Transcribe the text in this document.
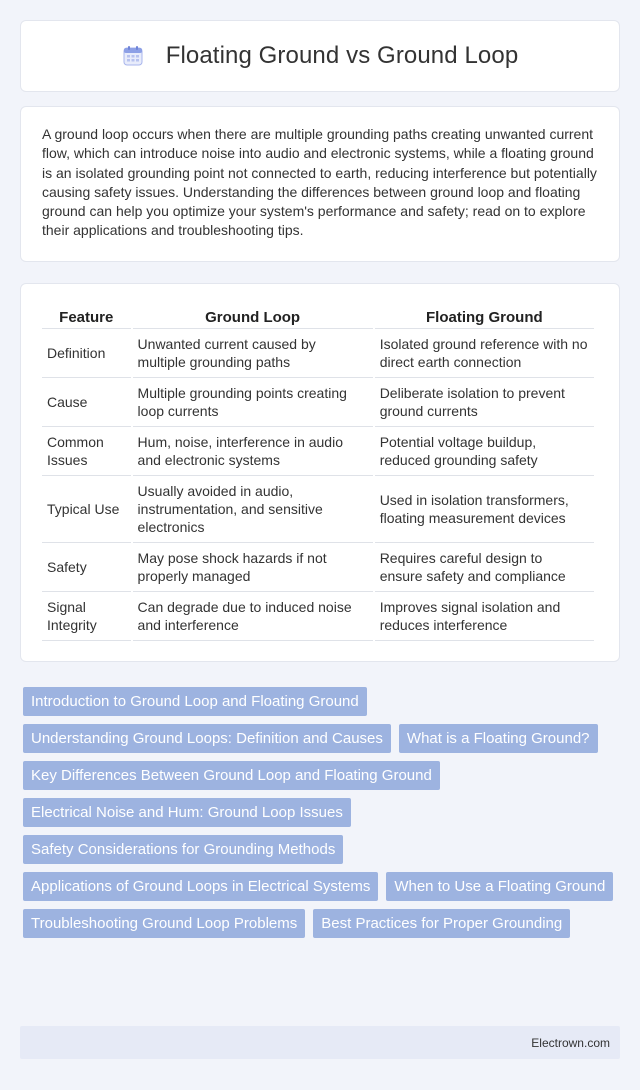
Floating Ground vs Ground Loop

A ground loop occurs when there are multiple grounding paths creating unwanted current flow, which can introduce noise into audio and electronic systems, while a floating ground is an isolated grounding point not connected to earth, reducing interference but potentially causing safety issues. Understanding the differences between ground loop and floating ground can help you optimize your system's performance and safety; read on to explore their applications and troubleshooting tips.

Feature	Ground Loop	Floating Ground
Definition	Unwanted current caused by multiple grounding paths	Isolated ground reference with no direct earth connection
Cause	Multiple grounding points creating loop currents	Deliberate isolation to prevent ground currents
Common Issues	Hum, noise, interference in audio and electronic systems	Potential voltage buildup, reduced grounding safety
Typical Use	Usually avoided in audio, instrumentation, and sensitive electronics	Used in isolation transformers, floating measurement devices
Safety	May pose shock hazards if not properly managed	Requires careful design to ensure safety and compliance
Signal Integrity	Can degrade due to induced noise and interference	Improves signal isolation and reduces interference
Introduction to Ground Loop and Floating Ground
Understanding Ground Loops: Definition and Causes	What is a Floating Ground?
Key Differences Between Ground Loop and Floating Ground
Electrical Noise and Hum: Ground Loop Issues
Safety Considerations for Grounding Methods
Applications of Ground Loops in Electrical Systems	When to Use a Floating Ground
Troubleshooting Ground Loop Problems	Best Practices for Proper Grounding
Electrown.com
